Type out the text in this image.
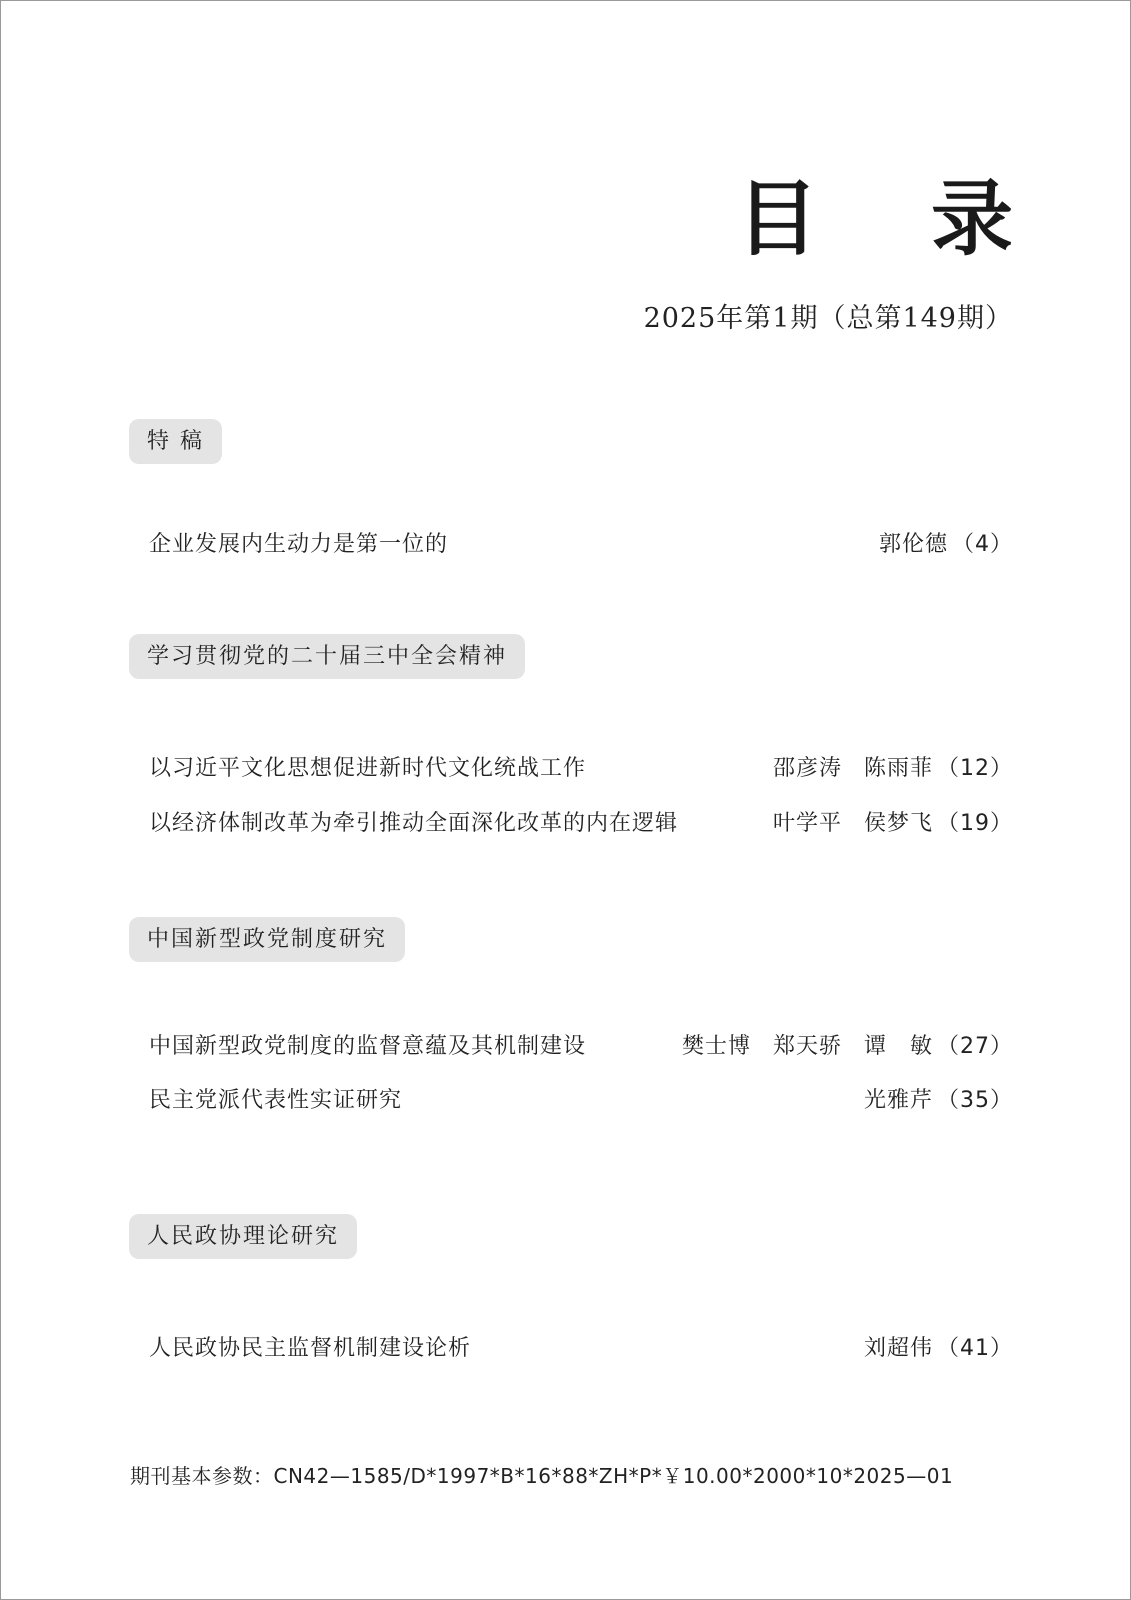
目 录
2025年第1期（总第149期）
特 稿
企业发展内生动力是第一位的	郭伦德 （4）
学习贯彻党的二十届三中全会精神
以习近平文化思想促进新时代文化统战工作	邵彦涛 陈雨菲 （12）
以经济体制改革为牵引推动全面深化改革的内在逻辑	叶学平 侯梦飞 （19）
中国新型政党制度研究
中国新型政党制度的监督意蕴及其机制建设	樊士博 郑天骄 谭　敏 （27）
民主党派代表性实证研究	光雅芹 （35）
人民政协理论研究
人民政协民主监督机制建设论析	刘超伟 （41）
期刊基本参数：CN42—1585/D*1997*B*16*88*ZH*P*￥10.00*2000*10*2025—01
